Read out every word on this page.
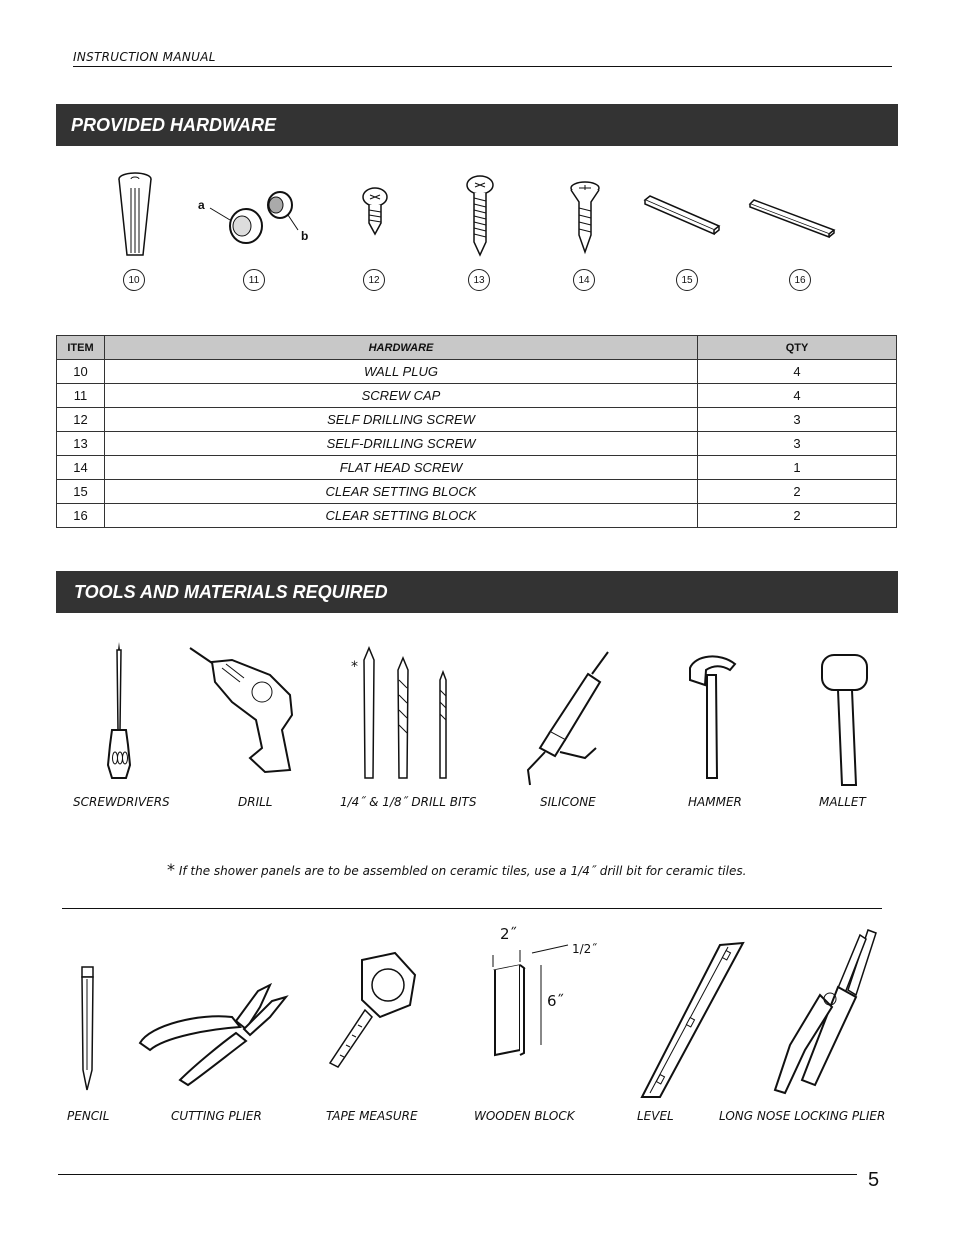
INSTRUCTION MANUAL
PROVIDED HARDWARE
a
b
10	11	12	13	14	15	16
ITEM	HARDWARE	QTY
10	WALL PLUG	4
11	SCREW CAP	4
12	SELF DRILLING SCREW	3
13	SELF-DRILLING SCREW	3
14	FLAT HEAD SCREW	1
15	CLEAR SETTING BLOCK	2
16	CLEAR SETTING BLOCK	2
TOOLS AND MATERIALS REQUIRED
*
SCREWDRIVERS	DRILL	1/4˝ & 1/8˝ DRILL BITS	SILICONE	HAMMER	MALLET
* If the shower panels are to be assembled on ceramic tiles, use a 1/4˝ drill bit for ceramic tiles.
2˝
1/2˝
6˝
PENCIL	CUTTING PLIER	TAPE MEASURE	WOODEN BLOCK	LEVEL	LONG NOSE LOCKING PLIER
5
